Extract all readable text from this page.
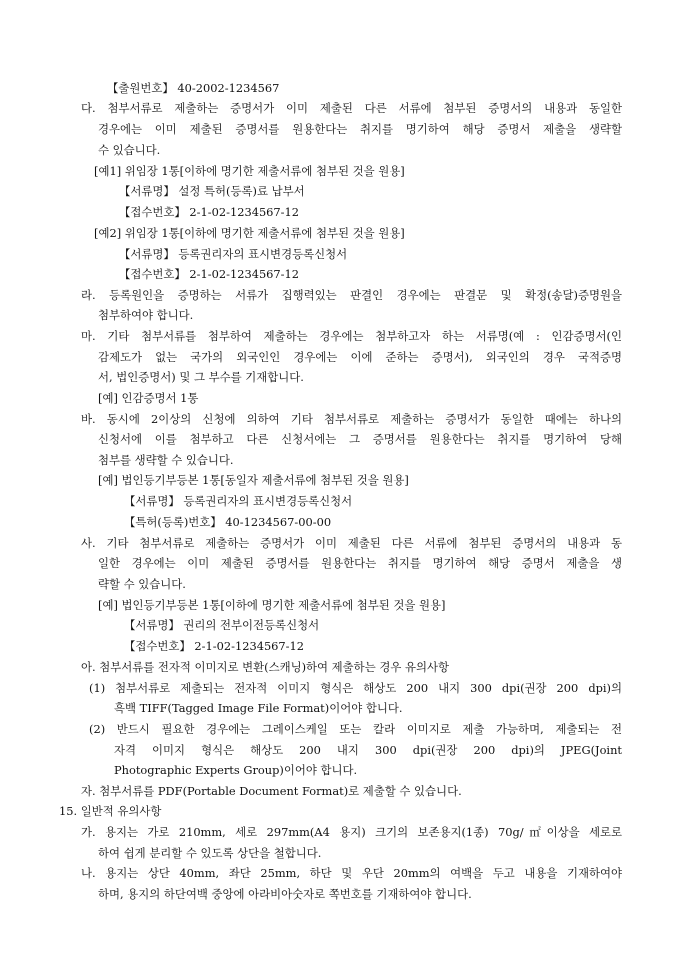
【출원번호】 40-2002-1234567
다. 첨부서류로 제출하는 증명서가 이미 제출된 다른 서류에 첨부된 증명서의 내용과 동일한
경우에는 이미 제출된 증명서를 원용한다는 취지를 명기하여 해당 증명서 제출을 생략할
수 있습니다.
[예1] 위임장 1통[이하에 명기한 제출서류에 첨부된 것을 원용]
【서류명】 설정 특허(등록)료 납부서
【접수번호】 2-1-02-1234567-12
[예2] 위임장 1통[이하에 명기한 제출서류에 첨부된 것을 원용]
【서류명】 등록권리자의 표시변경등록신청서
【접수번호】 2-1-02-1234567-12
라. 등록원인을 증명하는 서류가 집행력있는 판결인 경우에는 판결문 및 확정(송달)증명원을
첨부하여야 합니다.
마. 기타 첨부서류를 첨부하여 제출하는 경우에는 첨부하고자 하는 서류명(예 : 인감증명서(인
감제도가 없는 국가의 외국인인 경우에는 이에 준하는 증명서), 외국인의 경우 국적증명
서, 법인증명서) 및 그 부수를 기재합니다.
[예] 인감증명서 1통
바. 동시에 2이상의 신청에 의하여 기타 첨부서류로 제출하는 증명서가 동일한 때에는 하나의
신청서에 이를 첨부하고 다른 신청서에는 그 증명서를 원용한다는 취지를 명기하여 당해
첨부를 생략할 수 있습니다.
[예] 법인등기부등본 1통[동일자 제출서류에 첨부된 것을 원용]
【서류명】 등록권리자의 표시변경등록신청서
【특허(등록)번호】 40-1234567-00-00
사. 기타 첨부서류로 제출하는 증명서가 이미 제출된 다른 서류에 첨부된 증명서의 내용과 동
일한 경우에는 이미 제출된 증명서를 원용한다는 취지를 명기하여 해당 증명서 제출을 생
략할 수 있습니다.
[예] 법인등기부등본 1통[이하에 명기한 제출서류에 첨부된 것을 원용]
【서류명】 권리의 전부이전등록신청서
【접수번호】 2-1-02-1234567-12
아. 첨부서류를 전자적 이미지로 변환(스캐닝)하여 제출하는 경우 유의사항
(1) 첨부서류로 제출되는 전자적 이미지 형식은 해상도 200 내지 300 dpi(권장 200 dpi)의
흑백 TIFF(Tagged Image File Format)이어야 합니다.
(2) 반드시 필요한 경우에는 그레이스케일 또는 칼라 이미지로 제출 가능하며, 제출되는 전
자격 이미지 형식은 해상도 200 내지 300 dpi(권장 200 dpi)의 JPEG(Joint
Photographic Experts Group)이어야 합니다.
자. 첨부서류를 PDF(Portable Document Format)로 제출할 수 있습니다.
15. 일반적 유의사항
가. 용지는 가로 210mm, 세로 297mm(A4 용지) 크기의 보존용지(1종) 70g/㎡이상을 세로로
하여 쉽게 분리할 수 있도록 상단을 철합니다.
나. 용지는 상단 40mm, 좌단 25mm, 하단 및 우단 20mm의 여백을 두고 내용을 기재하여야
하며, 용지의 하단여백 중앙에 아라비아숫자로 쪽번호를 기재하여야 합니다.
